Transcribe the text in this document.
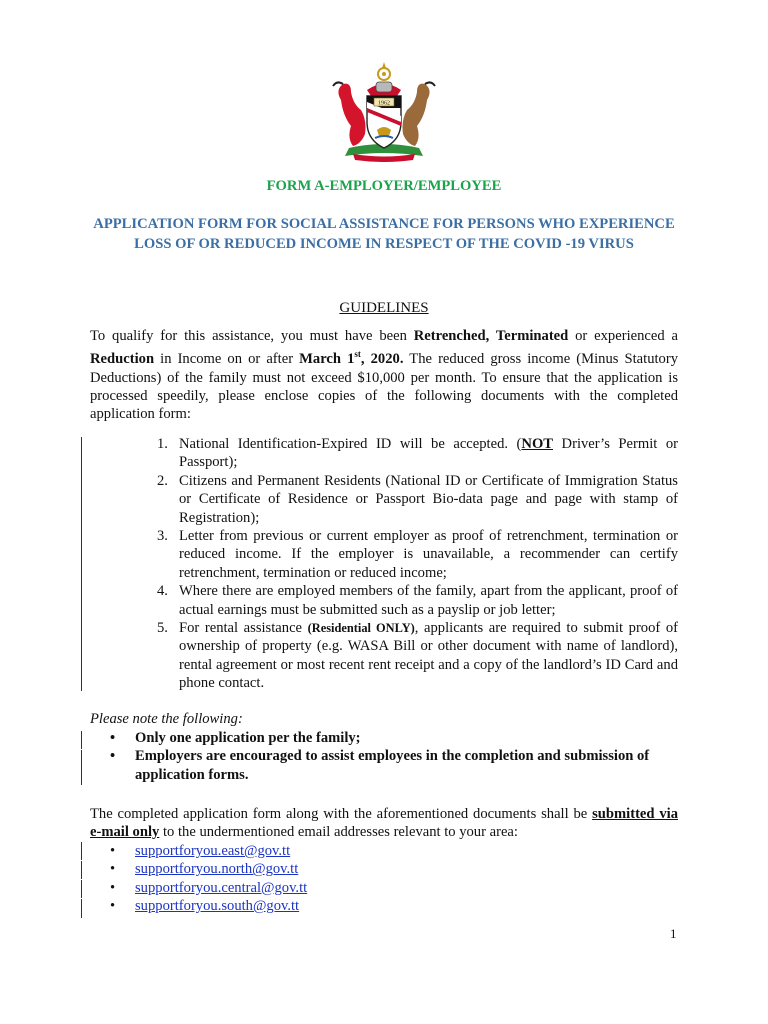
1962
FORM A-EMPLOYER/EMPLOYEE
APPLICATION FORM FOR SOCIAL ASSISTANCE FOR PERSONS WHO EXPERIENCE LOSS OF OR REDUCED INCOME IN RESPECT OF THE COVID -19 VIRUS
GUIDELINES

To qualify for this assistance, you must have been Retrenched, Terminated or experienced a Reduction in Income on or after March 1st, 2020. The reduced gross income (Minus Statutory Deductions) of the family must not exceed $10,000 per month. To ensure that the application is processed speedily, please enclose copies of the following documents with the completed application form:

1. National Identification-Expired ID will be accepted. (NOT Driver’s Permit or Passport);
2. Citizens and Permanent Residents (National ID or Certificate of Immigration Status or Certificate of Residence or Passport Bio-data page and page with stamp of Registration);
3. Letter from previous or current employer as proof of retrenchment, termination or reduced income. If the employer is unavailable, a recommender can certify retrenchment, termination or reduced income;
4. Where there are employed members of the family, apart from the applicant, proof of actual earnings must be submitted such as a payslip or job letter;
5. For rental assistance (Residential ONLY), applicants are required to submit proof of ownership of property (e.g. WASA Bill or other document with name of landlord), rental agreement or most recent rent receipt and a copy of the landlord’s ID Card and phone contact.
Please note the following:
• Only one application per the family;
• Employers are encouraged to assist employees in the completion and submission of application forms.

The completed application form along with the aforementioned documents shall be submitted via e-mail only to the undermentioned email addresses relevant to your area:

• supportforyou.east@gov.tt
• supportforyou.north@gov.tt
• supportforyou.central@gov.tt
• supportforyou.south@gov.tt
1
